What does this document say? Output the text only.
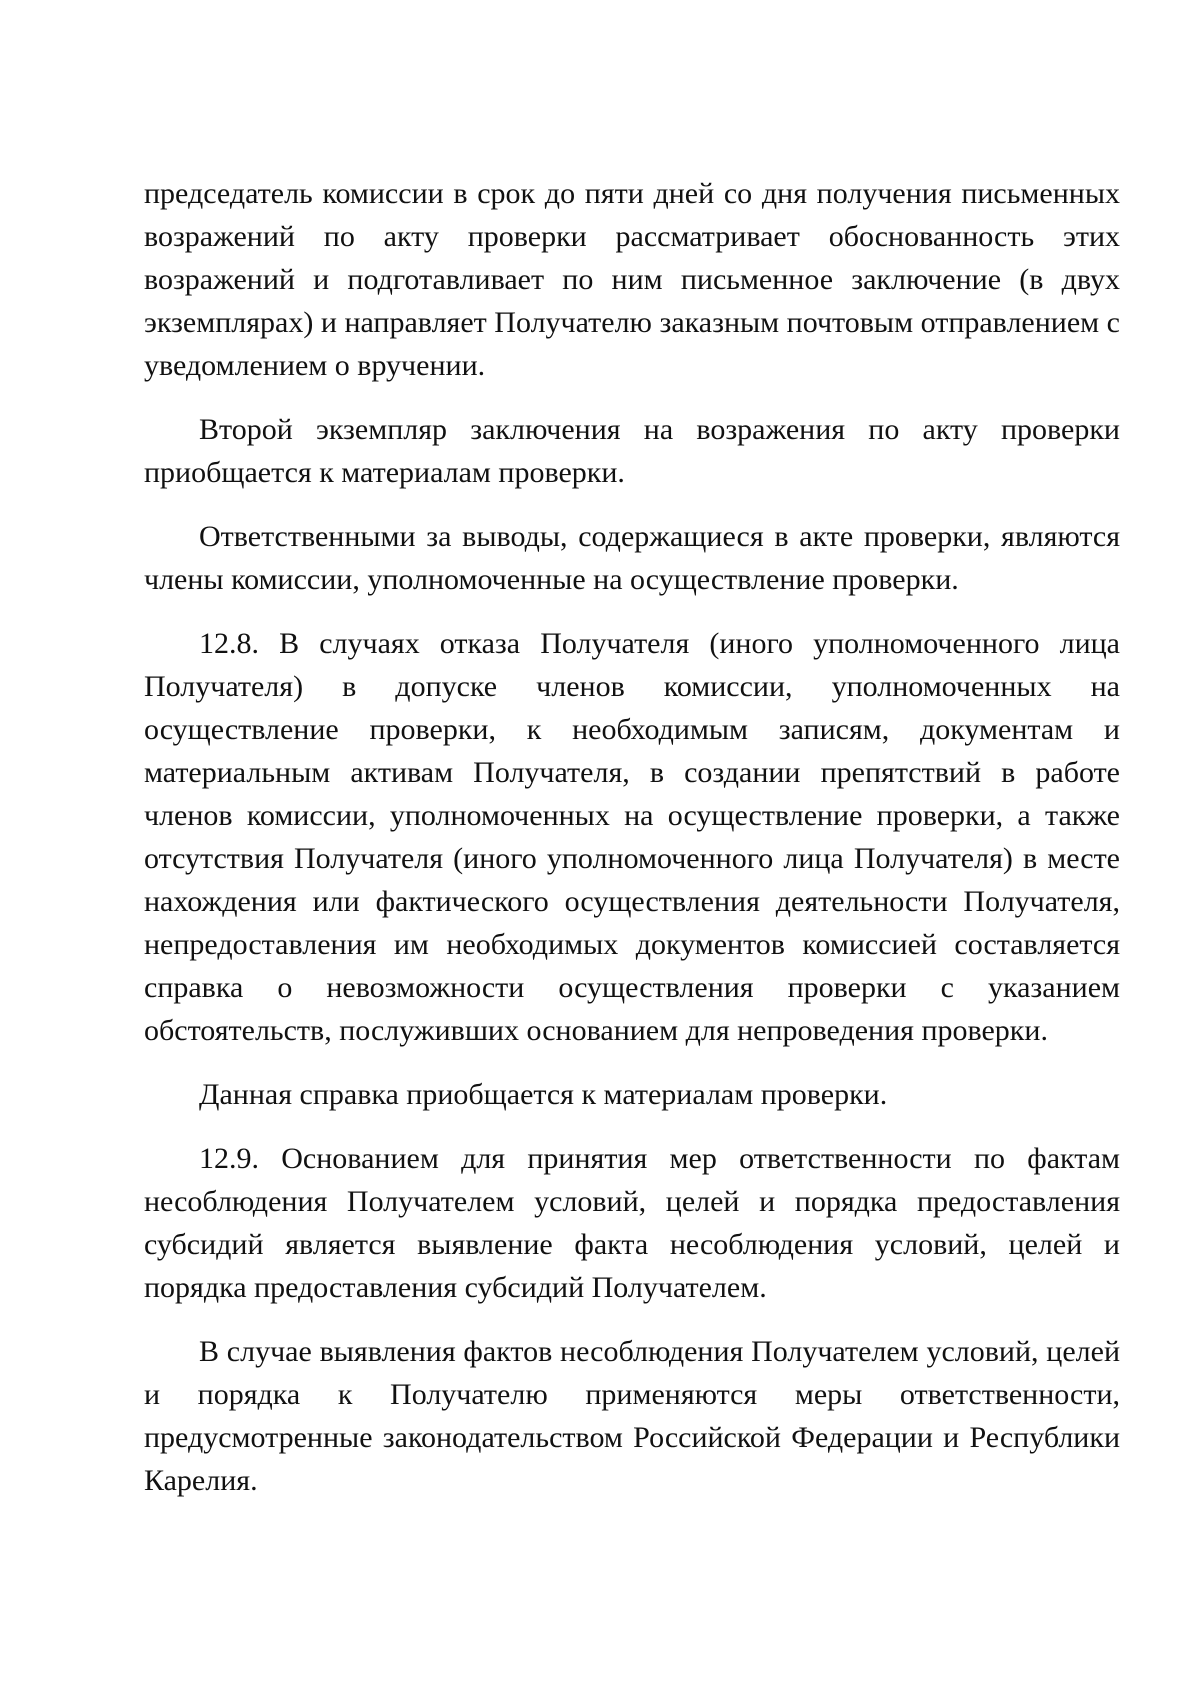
председатель комиссии в срок до пяти дней со дня получения письменных возражений по акту проверки рассматривает обоснованность этих возражений и подготавливает по ним письменное заключение (в двух экземплярах) и направляет Получателю заказным почтовым отправлением с уведомлением о вручении.

Второй экземпляр заключения на возражения по акту проверки приобщается к материалам проверки.

Ответственными за выводы, содержащиеся в акте проверки, являются члены комиссии, уполномоченные на осуществление проверки.

12.8. В случаях отказа Получателя (иного уполномоченного лица Получателя) в допуске членов комиссии, уполномоченных на осуществление проверки, к необходимым записям, документам и материальным активам Получателя, в создании препятствий в работе членов комиссии, уполномоченных на осуществление проверки, а также отсутствия Получателя (иного уполномоченного лица Получателя) в месте нахождения или фактического осуществления деятельности Получателя, непредоставления им необходимых документов комиссией составляется справка о невозможности осуществления проверки с указанием обстоятельств, послуживших основанием для непроведения проверки.

Данная справка приобщается к материалам проверки.

12.9. Основанием для принятия мер ответственности по фактам несоблюдения Получателем условий, целей и порядка предоставления субсидий является выявление факта несоблюдения условий, целей и порядка предоставления субсидий Получателем.

В случае выявления фактов несоблюдения Получателем условий, целей и порядка к Получателю применяются меры ответственности, предусмотренные законодательством Российской Федерации и Республики Карелия.
